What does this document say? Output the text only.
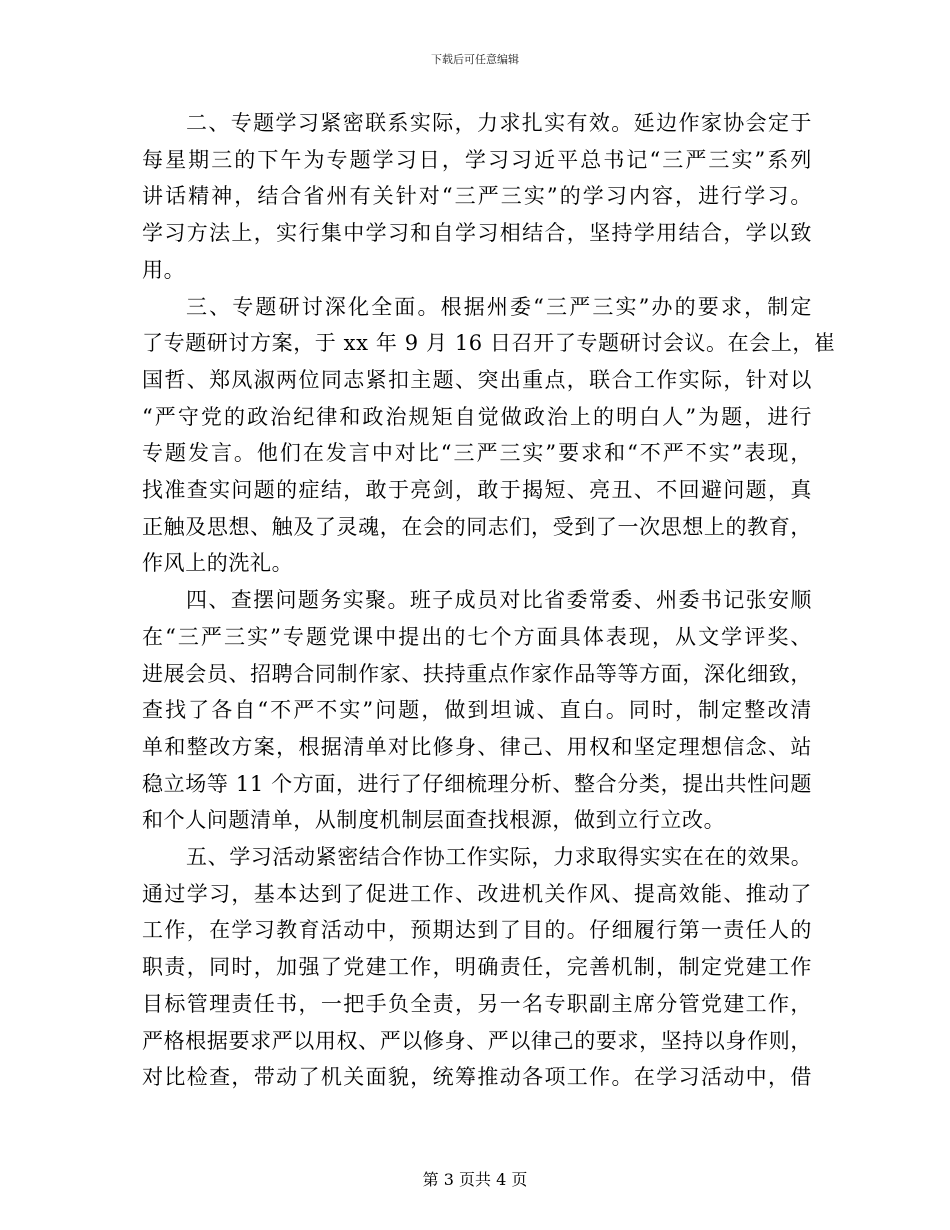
下载后可任意编辑
二、专题学习紧密联系实际，力求扎实有效。延边作家协会定于
每星期三的下午为专题学习日，学习习近平总书记“三严三实”系列
讲话精神，结合省州有关针对“三严三实”的学习内容，进行学习。
学习方法上，实行集中学习和自学习相结合，坚持学用结合，学以致
用。
三、专题研讨深化全面。根据州委“三严三实”办的要求，制定
了专题研讨方案，于 xx 年 9 月 16 日召开了专题研讨会议。在会上，崔
国哲、郑凤淑两位同志紧扣主题、突出重点，联合工作实际，针对以
“严守党的政治纪律和政治规矩自觉做政治上的明白人”为题，进行
专题发言。他们在发言中对比“三严三实”要求和“不严不实”表现，
找准查实问题的症结，敢于亮剑，敢于揭短、亮丑、不回避问题，真
正触及思想、触及了灵魂，在会的同志们，受到了一次思想上的教育，
作风上的洗礼。
四、查摆问题务实聚。班子成员对比省委常委、州委书记张安顺
在“三严三实”专题党课中提出的七个方面具体表现，从文学评奖、
进展会员、招聘合同制作家、扶持重点作家作品等等方面，深化细致，
查找了各自“不严不实”问题，做到坦诚、直白。同时，制定整改清
单和整改方案，根据清单对比修身、律己、用权和坚定理想信念、站
稳立场等 11 个方面，进行了仔细梳理分析、整合分类，提出共性问题
和个人问题清单，从制度机制层面查找根源，做到立行立改。
五、学习活动紧密结合作协工作实际，力求取得实实在在的效果。
通过学习，基本达到了促进工作、改进机关作风、提高效能、推动了
工作，在学习教育活动中，预期达到了目的。仔细履行第一责任人的
职责，同时，加强了党建工作，明确责任，完善机制，制定党建工作
目标管理责任书，一把手负全责，另一名专职副主席分管党建工作，
严格根据要求严以用权、严以修身、严以律己的要求，坚持以身作则，
对比检查，带动了机关面貌，统筹推动各项工作。在学习活动中，借
第 3 页共 4 页
